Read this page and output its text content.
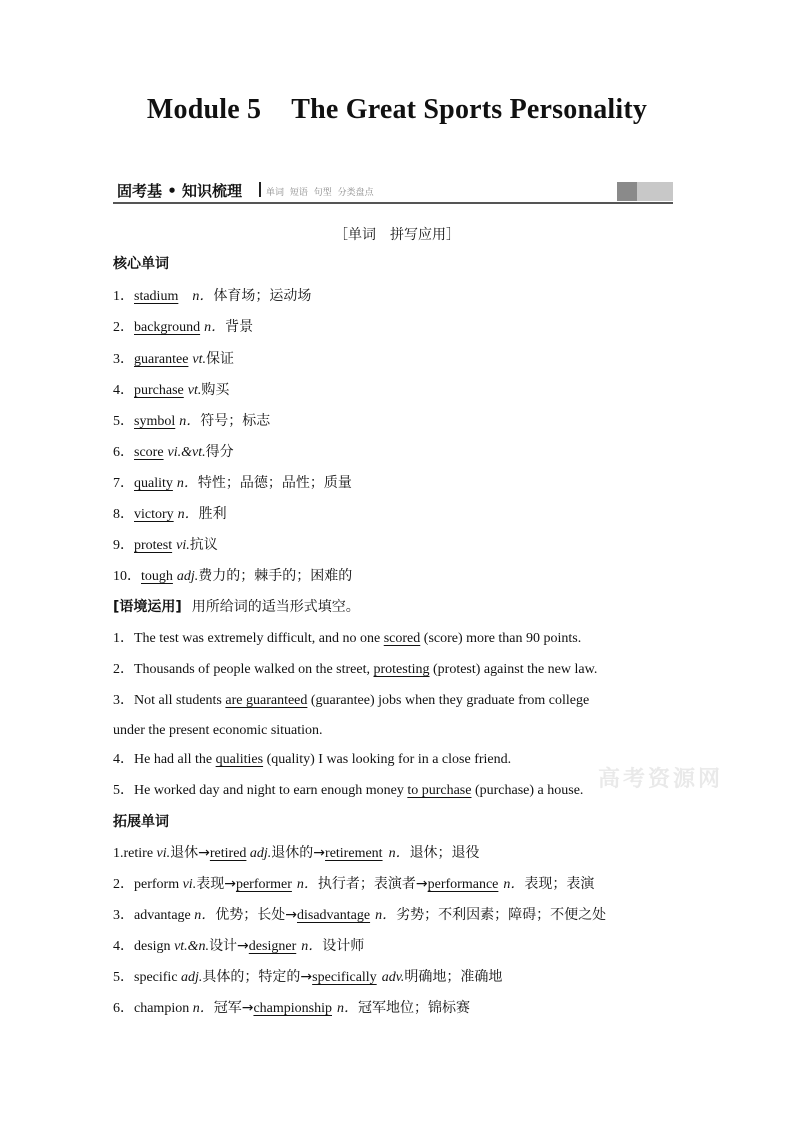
Module 5 The Great Sports Personality
固考基 • 知识梳理	单词 短语 句型 分类盘点
［单词　拼写应用］
高考资源网
核心单词
1．stadium n．体育场；运动场
2．background n．背景
3．guarantee vt.保证
4．purchase vt.购买
5．symbol n．符号；标志
6．score vi.&vt.得分
7．quality n．特性；品德；品性；质量
8．victory n．胜利
9．protest vi.抗议
10．tough adj.费力的；棘手的；困难的
[语境运用] 用所给词的适当形式填空。
1．The test was extremely difficult, and no one scored (score) more than 90 points.
2．Thousands of people walked on the street, protesting (protest) against the new law.
3．Not all students are guaranteed (guarantee) jobs when they graduate from college
under the present economic situation.
4．He had all the qualities (quality) I was looking for in a close friend.
5．He worked day and night to earn enough money to purchase (purchase) a house.
拓展单词
1.retire vi.退休→retired adj.退休的→retirement n．退休；退役
2．perform vi.表现→performer n．执行者；表演者→performance n．表现；表演
3．advantage n．优势；长处→disadvantage n．劣势；不利因素；障碍；不便之处
4．design vt.&n.设计→designer n．设计师
5．specific adj.具体的；特定的→specifically adv.明确地；准确地
6．champion n．冠军→championship n．冠军地位；锦标赛
